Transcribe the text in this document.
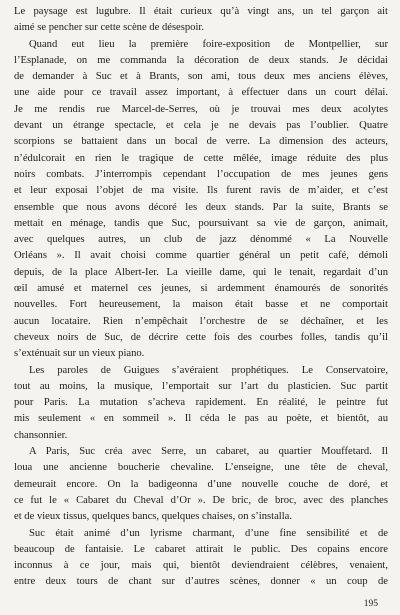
Le paysage est lugubre. Il était curieux qu’à vingt ans, un tel garçon ait
aimé se pencher sur cette scène de désespoir.

Quand eut lieu la première foire-exposition de Montpellier, sur
l’Esplanade, on me commanda la décoration de deux stands. Je décidai
de demander à Suc et à Brants, son ami, tous deux mes anciens élèves,
une aide pour ce travail assez important, à effectuer dans un court délai.
Je me rendis rue Marcel-de-Serres, où je trouvai mes deux acolytes
devant un étrange spectacle, et cela je ne devais pas l’oublier. Quatre
scorpions se battaient dans un bocal de verre. La dimension des acteurs,
n’édulcorait en rien le tragique de cette mêlée, image réduite des plus
noirs combats. J’interrompis cependant l’occupation de mes jeunes gens
et leur exposai l’objet de ma visite. Ils furent ravis de m’aider, et c’est
ensemble que nous avons décoré les deux stands. Par la suite, Brants se
mettait en ménage, tandis que Suc, poursuivant sa vie de garçon, animait,
avec quelques autres, un club de jazz dénommé « La Nouvelle
Orléans ». Il avait choisi comme quartier général un petit café, démoli
depuis, de la place Albert-Ier. La vieille dame, qui le tenait, regardait d’un
œil amusé et maternel ces jeunes, si ardemment énamourés de sonorités
nouvelles. Fort heureusement, la maison était basse et ne comportait
aucun locataire. Rien n’empêchait l’orchestre de se déchaîner, et les
cheveux noirs de Suc, de décrire cette fois des courbes folles, tandis qu’il
s’exténuait sur un vieux piano.

Les paroles de Guigues s’avéraient prophétiques. Le Conservatoire,
tout au moins, la musique, l’emportait sur l’art du plasticien. Suc partit
pour Paris. La mutation s’acheva rapidement. En réalité, le peintre fut
mis seulement « en sommeil ». Il céda le pas au poète, et bientôt, au
chansonnier.

A Paris, Suc créa avec Serre, un cabaret, au quartier Mouffetard. Il
loua une ancienne boucherie chevaline. L’enseigne, une tête de cheval,
demeurait encore. On la badigeonna d’une nouvelle couche de doré, et
ce fut le « Cabaret du Cheval d’Or ». De bric, de broc, avec des planches
et de vieux tissus, quelques bancs, quelques chaises, on s’installa.

Suc était animé d’un lyrisme charmant, d’une fine sensibilité et de
beaucoup de fantaisie. Le cabaret attirait le public. Des copains encore
inconnus à ce jour, mais qui, bientôt deviendraient célèbres, venaient,
entre deux tours de chant sur d’autres scènes, donner « un coup de

195
